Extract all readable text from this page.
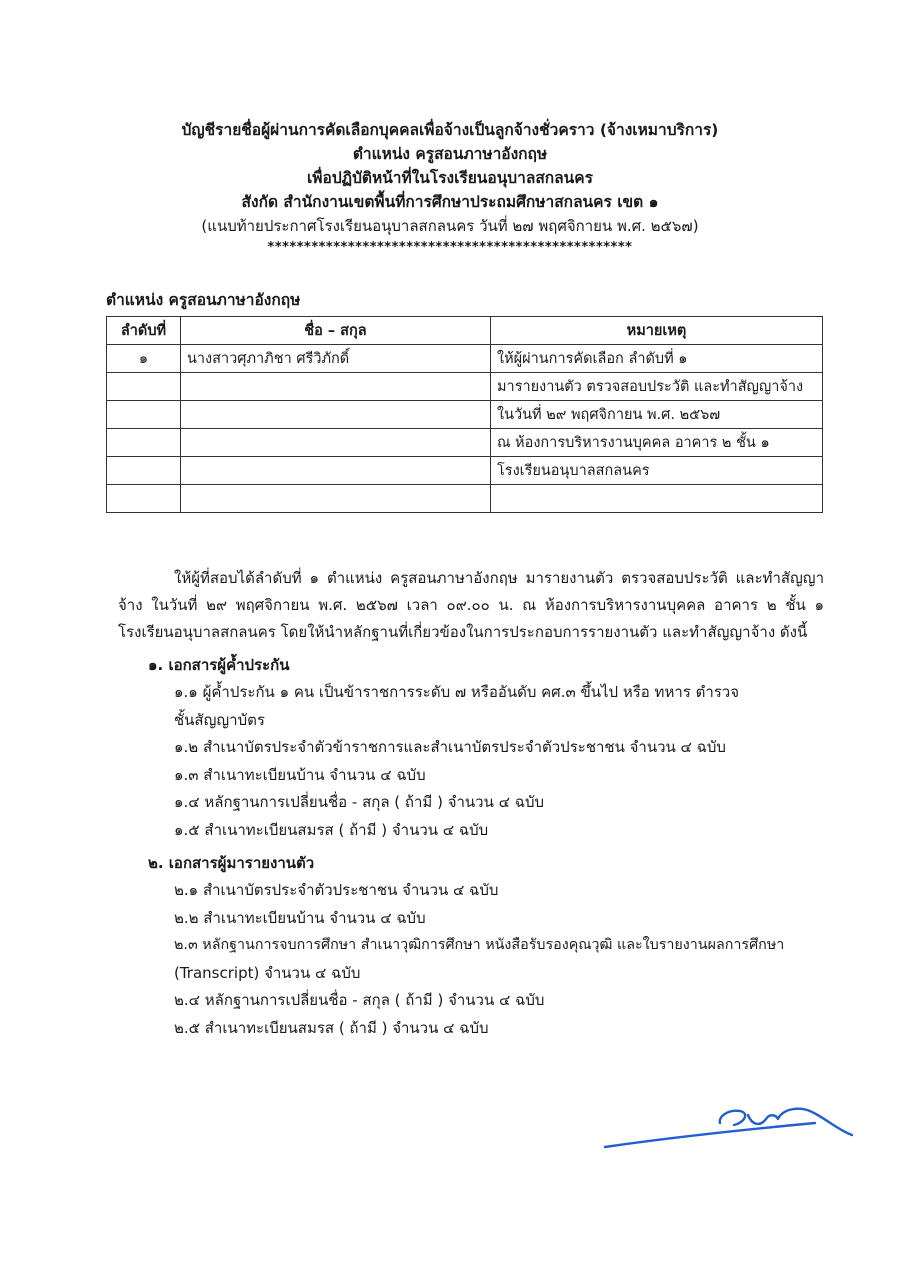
บัญชีรายชื่อผู้ผ่านการคัดเลือกบุคคลเพื่อจ้างเป็นลูกจ้างชั่วคราว (จ้างเหมาบริการ)
ตำแหน่ง ครูสอนภาษาอังกฤษ
เพื่อปฏิบัติหน้าที่ในโรงเรียนอนุบาลสกลนคร
สังกัด สำนักงานเขตพื้นที่การศึกษาประถมศึกษาสกลนคร เขต ๑
(แนบท้ายประกาศโรงเรียนอนุบาลสกลนคร วันที่ ๒๗ พฤศจิกายน พ.ศ. ๒๕๖๗)
**************************************************
ตำแหน่ง ครูสอนภาษาอังกฤษ
ลำดับที่	ชื่อ – สกุล	หมายเหตุ
๑	นางสาวศุภาภิชา ศรีวิภักดิ์	ให้ผู้ผ่านการคัดเลือก ลำดับที่ ๑
		มารายงานตัว ตรวจสอบประวัติ และทำสัญญาจ้าง
		ในวันที่ ๒๙ พฤศจิกายน พ.ศ. ๒๕๖๗
		ณ ห้องการบริหารงานบุคคล อาคาร ๒ ชั้น ๑
		โรงเรียนอนุบาลสกลนคร

ให้ผู้ที่สอบได้ลำดับที่ ๑ ตำแหน่ง ครูสอนภาษาอังกฤษ มารายงานตัว ตรวจสอบประวัติ และทำสัญญาจ้าง ในวันที่ ๒๙ พฤศจิกายน พ.ศ. ๒๕๖๗ เวลา ๐๙.๐๐ น. ณ ห้องการบริหารงานบุคคล อาคาร ๒ ชั้น ๑ โรงเรียนอนุบาลสกลนคร โดยให้นำหลักฐานที่เกี่ยวข้องในการประกอบการรายงานตัว และทำสัญญาจ้าง ดังนี้

๑. เอกสารผู้ค้ำประกัน
๑.๑ ผู้ค้ำประกัน ๑ คน เป็นข้าราชการระดับ ๗ หรืออันดับ คศ.๓ ขึ้นไป หรือ ทหาร ตำรวจ
ชั้นสัญญาบัตร
๑.๒ สำเนาบัตรประจำตัวข้าราชการและสำเนาบัตรประจำตัวประชาชน จำนวน ๔ ฉบับ
๑.๓ สำเนาทะเบียนบ้าน จำนวน ๔ ฉบับ
๑.๔ หลักฐานการเปลี่ยนชื่อ - สกุล ( ถ้ามี ) จำนวน ๔ ฉบับ
๑.๕ สำเนาทะเบียนสมรส ( ถ้ามี ) จำนวน ๔ ฉบับ
๒. เอกสารผู้มารายงานตัว
๒.๑ สำเนาบัตรประจำตัวประชาชน จำนวน ๔ ฉบับ
๒.๒ สำเนาทะเบียนบ้าน จำนวน ๔ ฉบับ
๒.๓ หลักฐานการจบการศึกษา สำเนาวุฒิการศึกษา หนังสือรับรองคุณวุฒิ และใบรายงานผลการศึกษา
(Transcript) จำนวน ๔ ฉบับ
๒.๔ หลักฐานการเปลี่ยนชื่อ - สกุล ( ถ้ามี ) จำนวน ๔ ฉบับ
๒.๕ สำเนาทะเบียนสมรส ( ถ้ามี ) จำนวน ๔ ฉบับ
